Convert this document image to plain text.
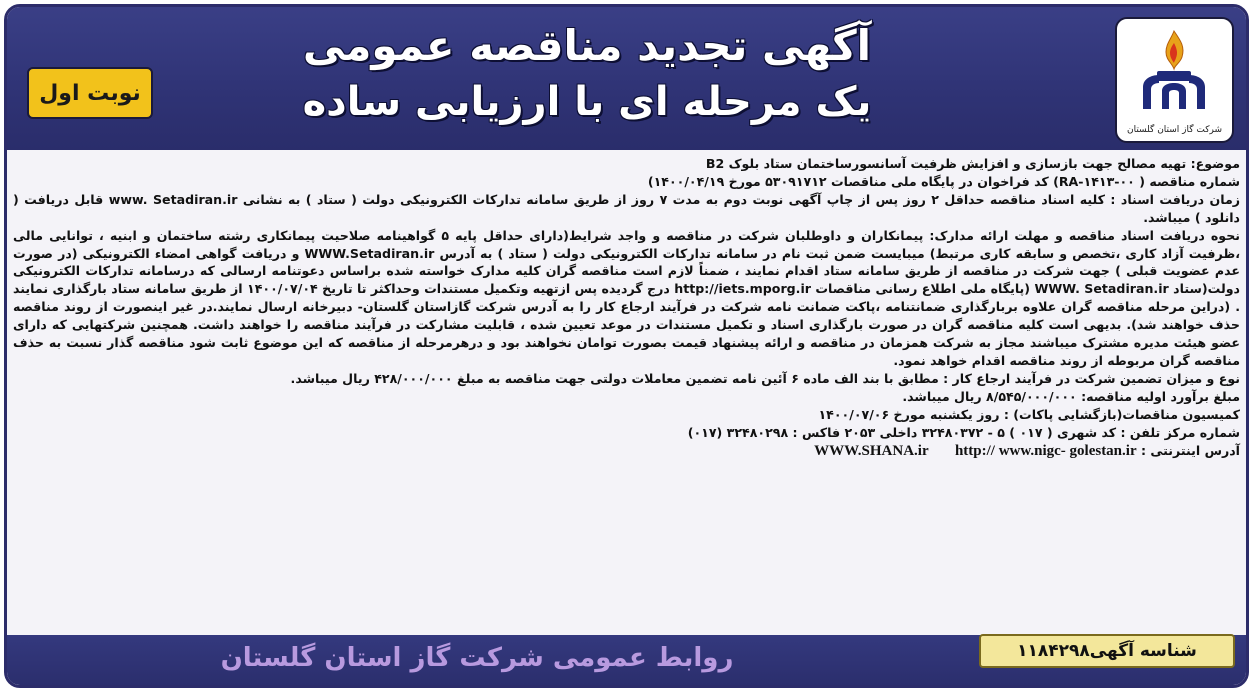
آگهی تجدید مناقصه عمومی
یک مرحله ای با ارزیابی ساده
نوبت اول
شرکت گاز استان گلستان

موضوع: تهیه مصالح جهت بازسازی و افزایش ظرفیت آسانسورساختمان ستاد بلوک B2

شماره مناقصه ( RA-۱۴۱۳-۰۰) کد فراخوان در پایگاه ملی مناقصات ۵۳۰۹۱۷۱۲ مورخ ۱۴۰۰/۰۴/۱۹)

زمان دریافت اسناد : کلیه اسناد مناقصه حداقل ۲ روز پس از چاپ آگهی نوبت دوم به مدت ۷ روز از طریق سامانه تدارکات الکترونیکی دولت ( ستاد ) به نشانی www. Setadiran.ir قابل دریافت ( دانلود ) میباشد.

نحوه دریافت اسناد مناقصه و مهلت ارائه مدارک: پیمانکاران و داوطلبان شرکت در مناقصه و واجد شرایط(دارای حداقل پایه ۵ گواهینامه صلاحیت پیمانکاری رشته ساختمان و ابنیه ، توانایی مالی ،ظرفیت آزاد کاری ،تخصص و سابقه کاری مرتبط) میبایست ضمن ثبت نام در سامانه تدارکات الکترونیکی دولت ( ستاد ) به آدرس WWW.Setadiran.ir و دریافت گواهی امضاء الکترونیکی (در صورت عدم عضویت قبلی ) جهت شرکت در مناقصه از طریق سامانه ستاد اقدام نمایند ، ضمناً لازم است مناقصه گران کلیه مدارک خواسته شده براساس دعوتنامه ارسالی که درسامانه تدارکات الکترونیکی دولت(ستاد WWW. Setadiran.ir (پایگاه ملی اطلاع رسانی مناقصات http://iets.mporg.ir درج گردیده پس ازتهیه وتکمیل مستندات وحداکثر تا تاریخ ۱۴۰۰/۰۷/۰۴ از طریق سامانه ستاد بارگذاری نمایند . (دراین مرحله مناقصه گران علاوه بربارگذاری ضمانتنامه ،پاکت ضمانت نامه شرکت در فرآیند ارجاع کار را به آدرس شرکت گازاستان گلستان- دبیرخانه ارسال نمایند.در غیر اینصورت از روند مناقصه حذف خواهند شد). بدیهی است کلیه مناقصه گران در صورت بارگذاری اسناد و تکمیل مستندات در موعد تعیین شده ، قابلیت مشارکت در فرآیند مناقصه را خواهند داشت. همچنین شرکتهایی که دارای عضو هیئت مدیره مشترک میباشند مجاز به شرکت همزمان در مناقصه و ارائه پیشنهاد قیمت بصورت توامان نخواهند بود و درهرمرحله از مناقصه که این موضوع ثابت شود مناقصه گذار نسبت به حذف مناقصه گران مربوطه از روند مناقصه اقدام خواهد نمود.

نوع و میزان تضمین شرکت در فرآیند ارجاع کار : مطابق با بند الف ماده ۶ آئین نامه تضمین معاملات دولتی جهت مناقصه به مبلغ ۴۲۸/۰۰۰/۰۰۰ ریال میباشد.

مبلغ برآورد اولیه مناقصه: ۸/۵۴۵/۰۰۰/۰۰۰ ریال میباشد.

کمیسیون مناقصات(بازگشایی پاکات) : روز یکشنبه مورخ ۱۴۰۰/۰۷/۰۶

شماره مرکز تلفن : کد شهری ( ۰۱۷ ) ۵ - ۳۲۴۸۰۳۷۲ داخلی ۲۰۵۳ فاکس : ۳۲۴۸۰۲۹۸ (۰۱۷)

آدرس اینترنتی : WWW.SHANA.ir http:// www.nigc- golestan.ir

روابط عمومی شرکت گاز استان گلستان	شناسه آگهی
۱۱۸۴۲۹۸
